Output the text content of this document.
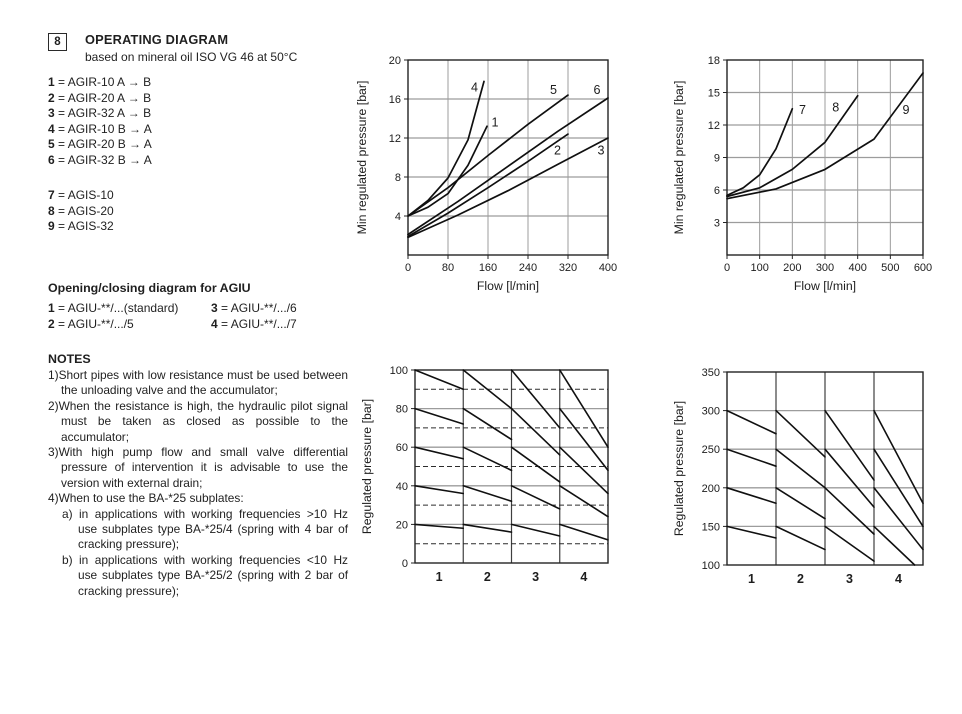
8	OPERATING DIAGRAM
based on mineral oil ISO VG 46 at 50°C
1 = AGIR-10 A → B
2 = AGIR-20 A → B
3 = AGIR-32 A → B
4 = AGIR-10 B → A
5 = AGIR-20 B → A
6 = AGIR-32 B → A
7 = AGIS-10
8 = AGIS-20
9 = AGIS-32
Opening/closing diagram for AGIU
1 = AGIU-**/...(standard)	3 = AGIU-**/.../6
2 = AGIU-**/.../5	4 = AGIU-**/.../7
NOTES
1)Short pipes with low resistance must be used between the unloading valve and the accumulator;
2)When the resistance is high, the hydraulic pilot signal must be taken as closed as possible to the accumulator;
3)With high pump flow and small valve differential pressure of intervention it is advisable to use the version with external drain;
4)When to use the BA-*25 subplates:
a) in applications with working frequencies >10 Hz use subplates type BA-*25/4 (spring with 4 bar of cracking pressure);
b) in applications with working frequencies <10 Hz use subplates type BA-*25/2 (spring with 2 bar of cracking pressure);
0	80 160 240 320 400
4
8
12
16
20
1
2	3
4	5	6
Min regulated pressure [bar]
Flow [l/min]
0 100 200 300 400 500 600
3
6
9
12
15
18
7 8	9
Min regulated pressure [bar]
Flow [l/min]
0
20
40
60
80
100
1	2	3	4
Regulated pressure [bar]
100
150
200
250
300
350
1	2	3	4
Regulated pressure [bar]
